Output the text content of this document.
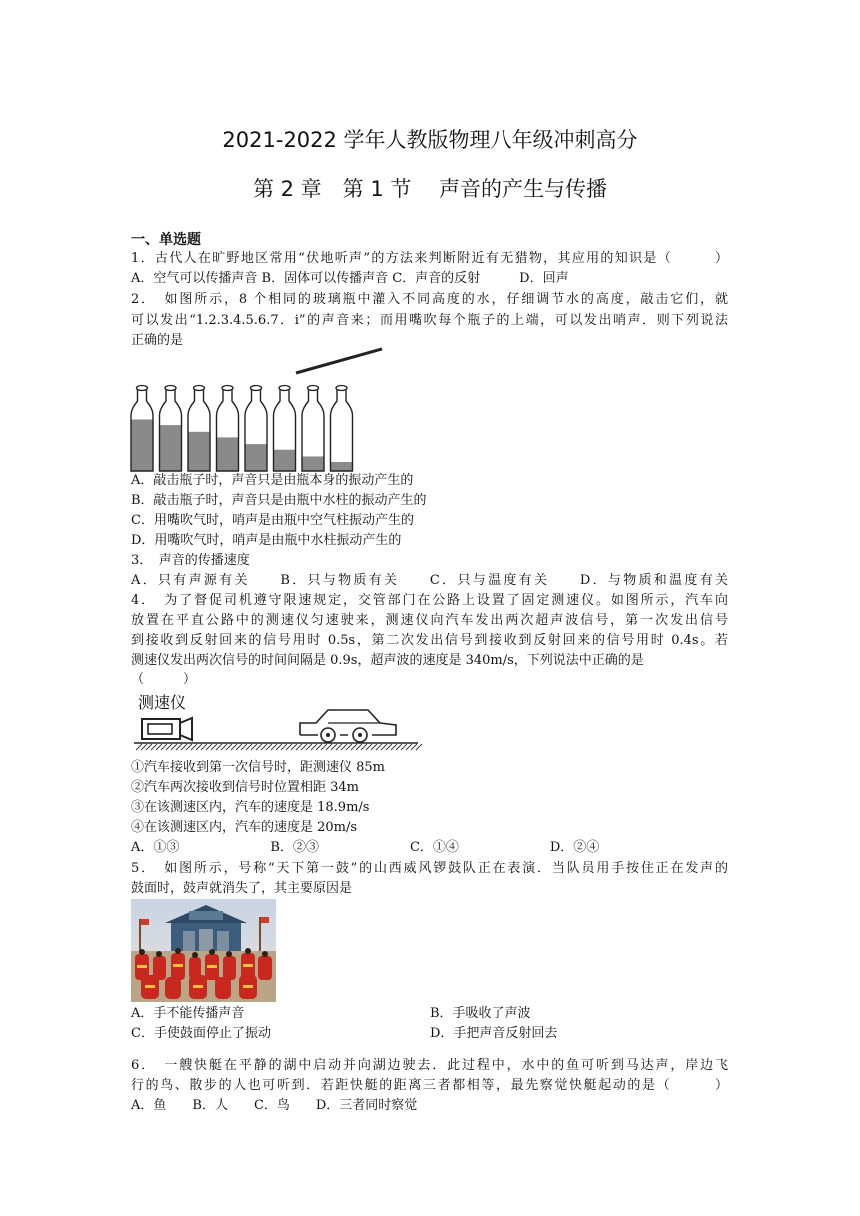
2021-2022 学年人教版物理八年级冲刺高分
第 2 章　第 1 节　 声音的产生与传播
一、单选题
1．古代人在旷野地区常用“伏地听声”的方法来判断附近有无猎物，其应用的知识是（　　　）
A．空气可以传播声音 B．固体可以传播声音 C．声音的反射　　　D．回声
2．　如图所示，8 个相同的玻璃瓶中灌入不同高度的水，仔细调节水的高度，敲击它们，就
可以发出“1.2.3.4.5.6.7．i”的声音来；而用嘴吹每个瓶子的上端，可以发出哨声．则下列说法
正确的是
A．敲击瓶子时，声音只是由瓶本身的振动产生的
B．敲击瓶子时，声音只是由瓶中水柱的振动产生的
C．用嘴吹气时，哨声是由瓶中空气柱振动产生的
D．用嘴吹气时，哨声是由瓶中水柱振动产生的
3．　声音的传播速度
A．只有声源有关　　B．只与物质有关　　C．只与温度有关　　D．与物质和温度有关
4．　为了督促司机遵守限速规定，交管部门在公路上设置了固定测速仪。如图所示，汽车向
放置在平直公路中的测速仪匀速驶来，测速仪向汽车发出两次超声波信号，第一次发出信号
到接收到反射回来的信号用时 0.5s，第二次发出信号到接收到反射回来的信号用时 0.4s。若
测速仪发出两次信号的时间间隔是 0.9s，超声波的速度是 340m/s，下列说法中正确的是
（　　　）
测速仪
①汽车接收到第一次信号时，距测速仪 85m
②汽车两次接收到信号时位置相距 34m
③在该测速区内，汽车的速度是 18.9m/s
④在该测速区内，汽车的速度是 20m/s
A．①③　　　　　　　B．②③　　　　　　　C．①④　　　　　　　D．②④
5．　如图所示，号称“天下第一鼓”的山西威风锣鼓队正在表演．当队员用手按住正在发声的
鼓面时，鼓声就消失了，其主要原因是
A．手不能传播声音	B．手吸收了声波
C．手使鼓面停止了振动	D．手把声音反射回去
6．　一艘快艇在平静的湖中启动并向湖边驶去．此过程中，水中的鱼可听到马达声，岸边飞
行的鸟、散步的人也可听到．若距快艇的距离三者都相等，最先察觉快艇起动的是（　　　）
A．鱼　　B．人　　C．鸟　　D．三者同时察觉
